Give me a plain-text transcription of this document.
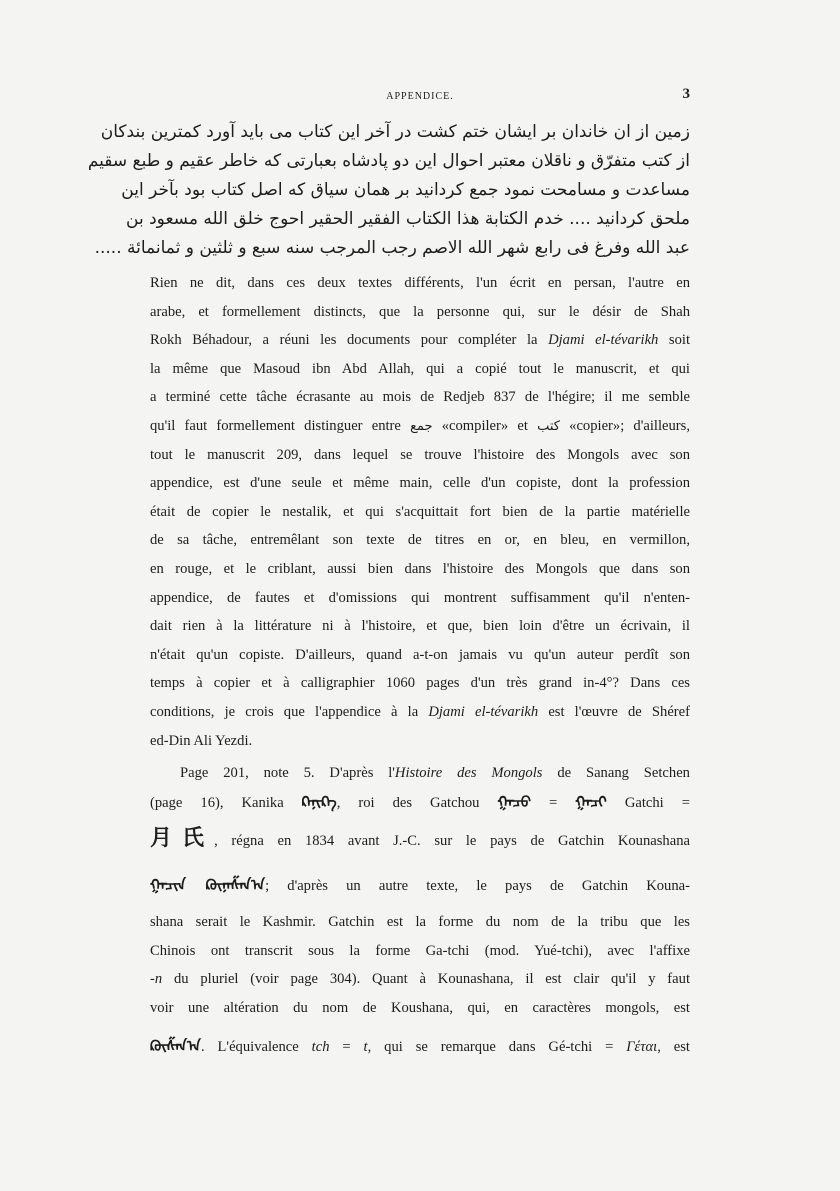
APPENDICE.	3
زمین از ان خاندان بر ایشان ختم کشت در آخر این کتاب می باید آورد کمترین بندکان
از کتب متفرّق و ناقلان معتبر احوال این دو پادشاه بعبارتی که خاطر عقیم و طبع سقیم
مساعدت و مسامحت نمود جمع کردانید بر همان سیاق که اصل کتاب بود بآخر این
ملحق کردانید .... خدم الکتابة هذا الکتاب الفقیر الحقیر احوج خلق الله مسعود بن
عبد الله وفرغ فی رابع شهر الله الاصم رجب المرجب سنه سبع و ثلثین و ثمانمائة .....
Rien ne dit, dans ces deux textes différents, l'un écrit en persan, l'autre en
arabe, et formellement distincts, que la personne qui, sur le désir de Shah
Rokh Béhadour, a réuni les documents pour compléter la Djami el-tévarikh soit
la même que Masoud ibn Abd Allah, qui a copié tout le manuscrit, et qui
a terminé cette tâche écrasante au mois de Redjeb 837 de l'hégire; il me semble
qu'il faut formellement distinguer entre جمع «compiler» et کتب «copier»; d'ailleurs,
tout le manuscrit 209, dans lequel se trouve l'histoire des Mongols avec son
appendice, est d'une seule et même main, celle d'un copiste, dont la profession
était de copier le nestalik, et qui s'acquittait fort bien de la partie matérielle
de sa tâche, entremêlant son texte de titres en or, en bleu, en vermillon,
en rouge, et le criblant, aussi bien dans l'histoire des Mongols que dans son
appendice, de fautes et d'omissions qui montrent suffisamment qu'il n'enten-
dait rien à la littérature ni à l'histoire, et que, bien loin d'être un écrivain, il
n'était qu'un copiste. D'ailleurs, quand a-t-on jamais vu qu'un auteur perdît son
temps à copier et à calligraphier 1060 pages d'un très grand in-4°? Dans ces
conditions, je crois que l'appendice à la Djami el-tévarikh est l'œuvre de Shéref
ed-Din Ali Yezdi.
Page 201, note 5. D'après l'Histoire des Mongols de Sanang Setchen
(page 16), Kanika ᠺᠠᠨᠢᠺᠠ, roi des Gatchou ᠭᠠᠴᠤ = ᠭᠠᠴᠢ Gatchi =
月氏, régna en 1834 avant J.-C. sur le pays de Gatchin Kounashana
ᠭᠠᠴᠢᠨ ᠺᠦᠨᠠᠱᠠᠨ᠎ᠠ; d'après un autre texte, le pays de Gatchin Kouna-
shana serait le Kashmir. Gatchin est la forme du nom de la tribu que les
Chinois ont transcrit sous la forme Ga-tchi (mod. Yué-tchi), avec l'affixe
-n du pluriel (voir page 304). Quant à Kounashana, il est clair qu'il y faut
voir une altération du nom de Koushana, qui, en caractères mongols, est
ᠺᠦᠱᠠᠨ᠎ᠠ. L'équivalence tch = t, qui se remarque dans Gé-tchi = Γέται, est
